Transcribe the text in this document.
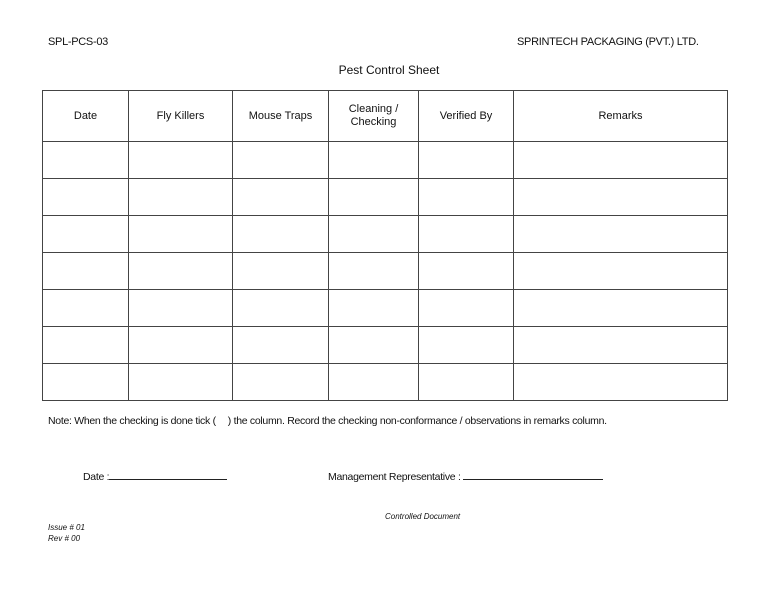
SPL-PCS-03	SPRINTECH PACKAGING (PVT.) LTD.
Pest Control Sheet
Date	Fly Killers	Mouse Traps	Cleaning / Checking	Verified By	Remarks

Note: When the checking is done tick ( ) the column. Record the checking non-conformance / observations in remarks column.
Date :	Management Representative :
Controlled Document
Issue # 01
Rev # 00
